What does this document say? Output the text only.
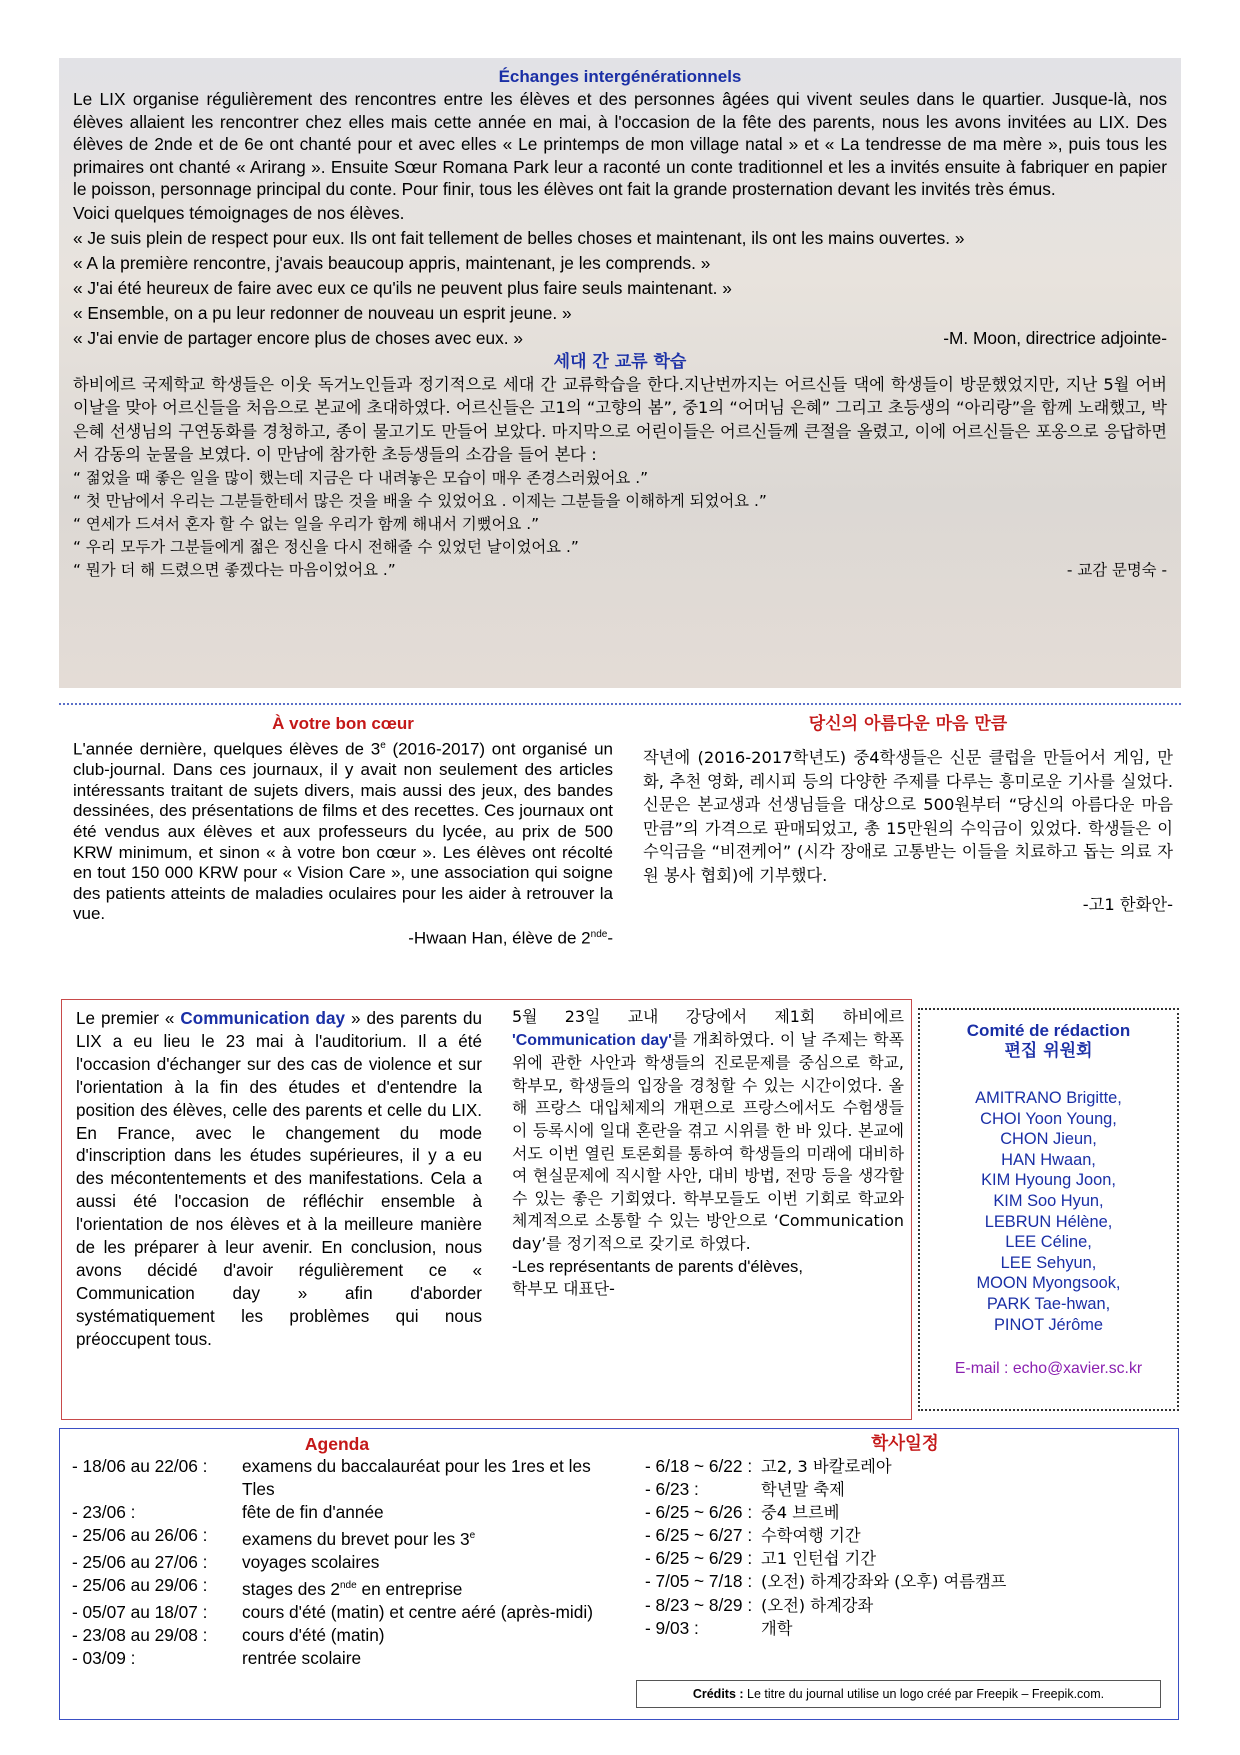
Échanges intergénérationnels
Le LIX organise régulièrement des rencontres entre les élèves et des personnes âgées qui vivent seules dans le quartier. Jusque-là, nos élèves allaient les rencontrer chez elles mais cette année en mai, à l'occasion de la fête des parents, nous les avons invitées au LIX. Des élèves de 2nde et de 6e ont chanté pour et avec elles « Le printemps de mon village natal » et « La tendresse de ma mère », puis tous les primaires ont chanté « Arirang ». Ensuite Sœur Romana Park leur a raconté un conte traditionnel et les a invités ensuite à fabriquer en papier le poisson, personnage principal du conte. Pour finir, tous les élèves ont fait la grande prosternation devant les invités très émus.
Voici quelques témoignages de nos élèves.
« Je suis plein de respect pour eux. Ils ont fait tellement de belles choses et maintenant, ils ont les mains ouvertes. »
« A la première rencontre, j'avais beaucoup appris, maintenant, je les comprends. »
« J'ai été heureux de faire avec eux ce qu'ils ne peuvent plus faire seuls maintenant. »
« Ensemble, on a pu leur redonner de nouveau un esprit jeune. »
« J'ai envie de partager encore plus de choses avec eux. »	-M. Moon, directrice adjointe-
세대 간 교류 학습
하비에르 국제학교 학생들은 이웃 독거노인들과 정기적으로 세대 간 교류학습을 한다.지난번까지는 어르신들 댁에 학생들이 방문했었지만, 지난 5월 어버이날을 맞아 어르신들을 처음으로 본교에 초대하였다. 어르신들은 고1의 “고향의 봄”, 중1의 “어머님 은혜” 그리고 초등생의 “아리랑”을 함께 노래했고, 박은혜 선생님의 구연동화를 경청하고, 종이 물고기도 만들어 보았다. 마지막으로 어린이들은 어르신들께 큰절을 올렸고, 이에 어르신들은 포옹으로 응답하면서 감동의 눈물을 보였다. 이 만남에 참가한 초등생들의 소감을 들어 본다 :
“ 젊었을 때 좋은 일을 많이 했는데 지금은 다 내려놓은 모습이 매우 존경스러웠어요 .”
“ 첫 만남에서 우리는 그분들한테서 많은 것을 배울 수 있었어요 . 이제는 그분들을 이해하게 되었어요 .”
“ 연세가 드셔서 혼자 할 수 없는 일을 우리가 함께 해내서 기뻤어요 .”
“ 우리 모두가 그분들에게 젊은 정신을 다시 전해줄 수 있었던 날이었어요 .”
“ 뭔가 더 해 드렸으면 좋겠다는 마음이었어요 .”	- 교감 문명숙 -
À votre bon cœur
L'année dernière, quelques élèves de 3e (2016-2017) ont organisé un club-journal. Dans ces journaux, il y avait non seulement des articles intéressants traitant de sujets divers, mais aussi des jeux, des bandes dessinées, des présentations de films et des recettes. Ces journaux ont été vendus aux élèves et aux professeurs du lycée, au prix de 500 KRW minimum, et sinon « à votre bon cœur ». Les élèves ont récolté en tout 150 000 KRW pour « Vision Care », une association qui soigne des patients atteints de maladies oculaires pour les aider à retrouver la vue.
-Hwaan Han, élève de 2nde-
당신의 아름다운 마음 만큼
작년에 (2016-2017학년도) 중4학생들은 신문 클럽을 만들어서 게임, 만화, 추천 영화, 레시피 등의 다양한 주제를 다루는 흥미로운 기사를 실었다. 신문은 본교생과 선생님들을 대상으로 500원부터 “당신의 아름다운 마음 만큼”의 가격으로 판매되었고, 총 15만원의 수익금이 있었다. 학생들은 이 수익금을 “비젼케어” (시각 장애로 고통받는 이들을 치료하고 돕는 의료 자원 봉사 협회)에 기부했다.
-고1 한화안-
Le premier « Communication day » des parents du LIX a eu lieu le 23 mai à l'auditorium. Il a été l'occasion d'échanger sur des cas de violence et sur l'orientation à la fin des études et d'entendre la position des élèves, celle des parents et celle du LIX. En France, avec le changement du mode d'inscription dans les études supérieures, il y a eu des mécontentements et des manifestations. Cela a aussi été l'occasion de réfléchir ensemble à l'orientation de nos élèves et à la meilleure manière de les préparer à leur avenir. En conclusion, nous avons décidé d'avoir régulièrement ce « Communication day » afin d'aborder systématiquement les problèmes qui nous préoccupent tous.
5월 23일 교내 강당에서 제1회 하비에르 'Communication day'를 개최하였다. 이 날 주제는 학폭위에 관한 사안과 학생들의 진로문제를 중심으로 학교, 학부모, 학생들의 입장을 경청할 수 있는 시간이었다. 올해 프랑스 대입체제의 개편으로 프랑스에서도 수험생들이 등록시에 일대 혼란을 겪고 시위를 한 바 있다. 본교에서도 이번 열린 토론회를 통하여 학생들의 미래에 대비하여 현실문제에 직시할 사안, 대비 방법, 전망 등을 생각할 수 있는 좋은 기회였다. 학부모들도 이번 기회로 학교와 체계적으로 소통할 수 있는 방안으로 ‘Communication day’를 정기적으로 갖기로 하였다.
-Les représentants de parents d'élèves,
학부모 대표단-
Comité de rédaction
편집 위원회
AMITRANO Brigitte,
CHOI Yoon Young,
CHON Jieun,
HAN Hwaan,
KIM Hyoung Joon,
KIM Soo Hyun,
LEBRUN Hélène,
LEE Céline,
LEE Sehyun,
MOON Myongsook,
PARK Tae-hwan,
PINOT Jérôme
E-mail : echo@xavier.sc.kr
Agenda
- 18/06 au 22/06 :	examens du baccalauréat pour les 1res et les Tles
- 23/06 :	fête de fin d'année
- 25/06 au 26/06 :	examens du brevet pour les 3e
- 25/06 au 27/06 :	voyages scolaires
- 25/06 au 29/06 :	stages des 2nde en entreprise
- 05/07 au 18/07 :	cours d'été (matin) et centre aéré (après-midi)
- 23/08 au 29/08 :	cours d'été (matin)
- 03/09 :	rentrée scolaire
학사일정
- 6/18 ~ 6/22 : 고2, 3 바칼로레아
- 6/23 :	학년말 축제
- 6/25 ~ 6/26 : 중4 브르베
- 6/25 ~ 6/27 : 수학여행 기간
- 6/25 ~ 6/29 : 고1 인턴쉽 기간
- 7/05 ~ 7/18 : (오전) 하계강좌와 (오후) 여름캠프
- 8/23 ~ 8/29 : (오전) 하계강좌
- 9/03 :	개학
Crédits : Le titre du journal utilise un logo créé par Freepik – Freepik.com.
